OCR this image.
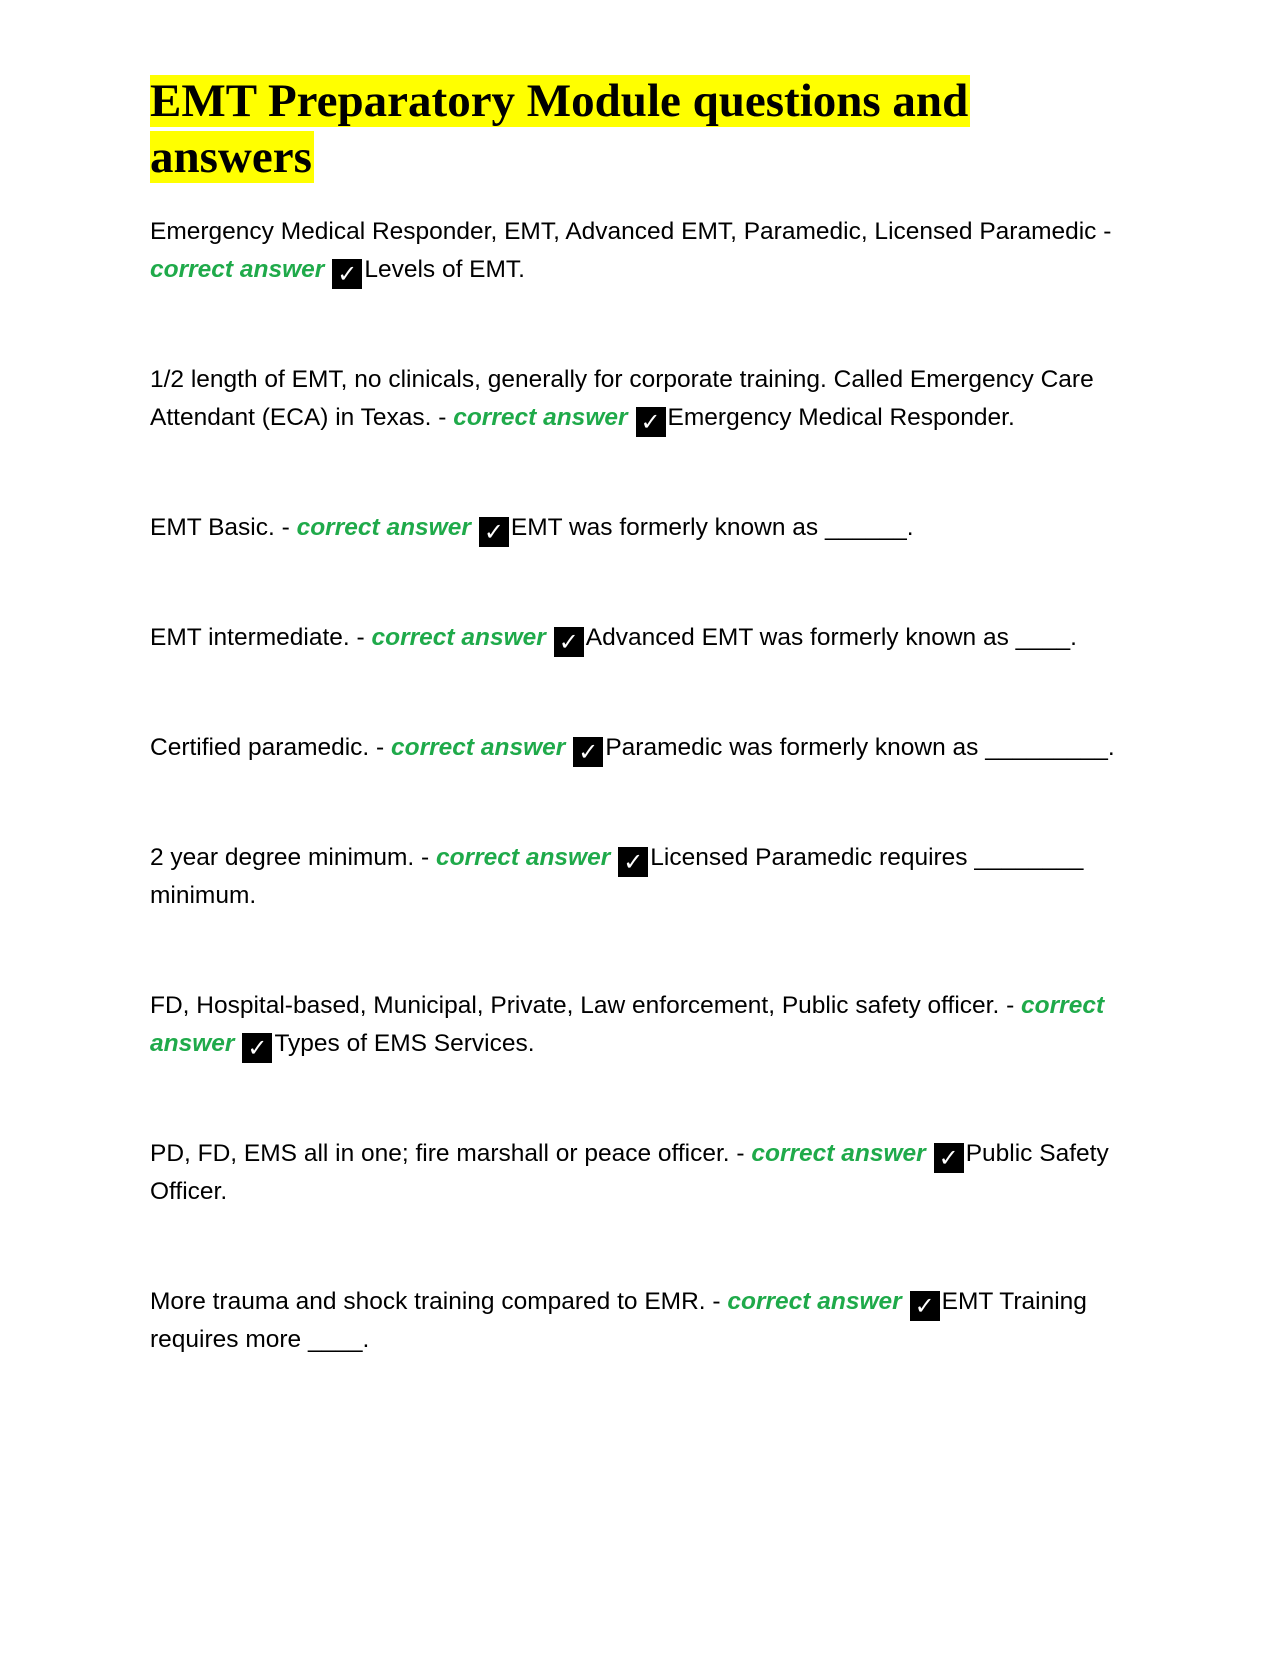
EMT Preparatory Module questions and answers

Emergency Medical Responder, EMT, Advanced EMT, Paramedic, Licensed Paramedic - correct answer ✓ Levels of EMT.

1/2 length of EMT, no clinicals, generally for corporate training. Called Emergency Care Attendant (ECA) in Texas. - correct answer ✓ Emergency Medical Responder.

EMT Basic. - correct answer ✓ EMT was formerly known as ______.

EMT intermediate. - correct answer ✓ Advanced EMT was formerly known as ____.

Certified paramedic. - correct answer ✓ Paramedic was formerly known as _________.

2 year degree minimum. - correct answer ✓ Licensed Paramedic requires ________ minimum.

FD, Hospital-based, Municipal, Private, Law enforcement, Public safety officer. - correct answer ✓ Types of EMS Services.

PD, FD, EMS all in one; fire marshall or peace officer. - correct answer ✓ Public Safety Officer.

More trauma and shock training compared to EMR. - correct answer ✓ EMT Training requires more ____.
